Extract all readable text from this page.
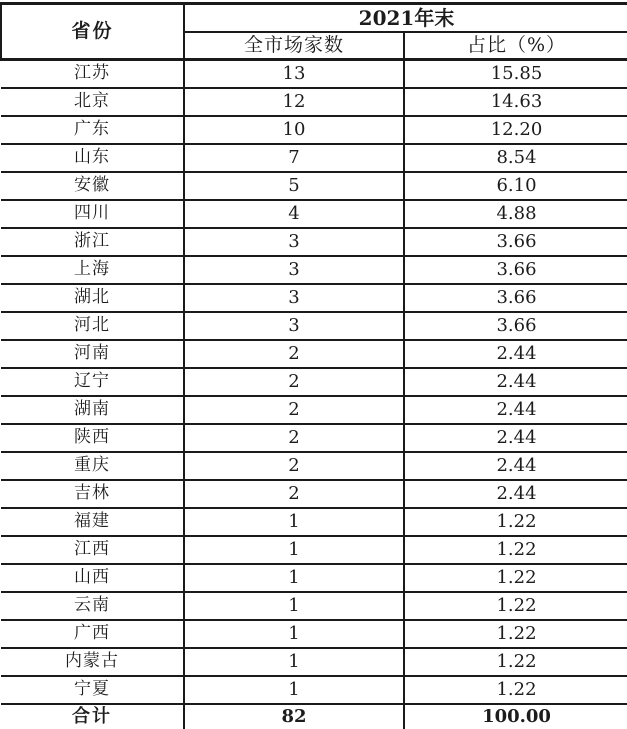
省份	2021年末	
	全市场家数	占比（%）
江苏	13	15.85
北京	12	14.63
广东	10	12.20
山东	7	8.54
安徽	5	6.10
四川	4	4.88
浙江	3	3.66
上海	3	3.66
湖北	3	3.66
河北	3	3.66
河南	2	2.44
辽宁	2	2.44
湖南	2	2.44
陕西	2	2.44
重庆	2	2.44
吉林	2	2.44
福建	1	1.22
江西	1	1.22
山西	1	1.22
云南	1	1.22
广西	1	1.22
内蒙古	1	1.22
宁夏	1	1.22
合计	82	100.00
